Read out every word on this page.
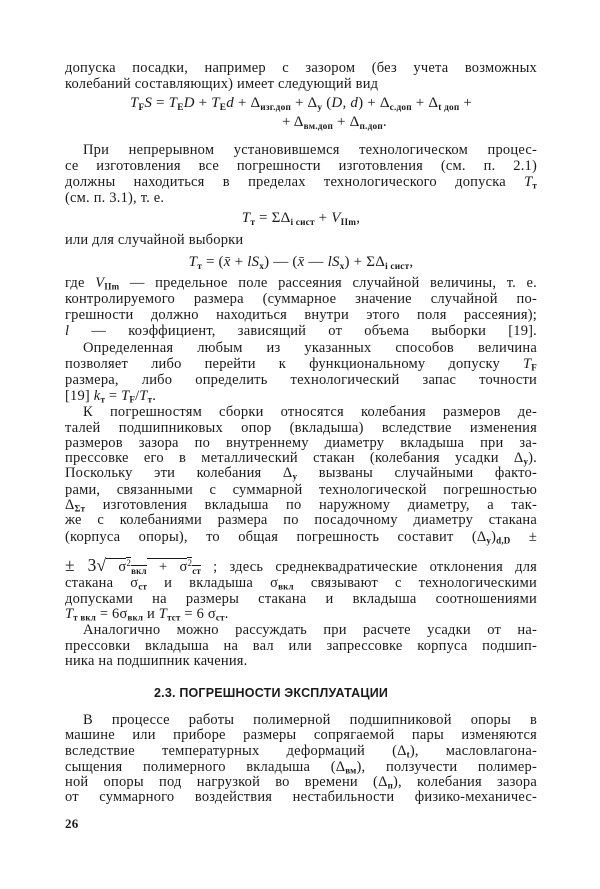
допуска посадки, например с зазором (без учета возможных
колебаний составляющих) имеет следующий вид
TFS = TED + TEd + Δизг.доп + Δу (D, d) + Δс.доп + Δt доп +
+ Δвм.доп + Δп.доп.
При непрерывном установившемся технологическом процес-
се изготовления все погрешности изготовления (см. п. 2.1)
должны находиться в пределах технологического допуска Tт
(см. п. 3.1), т. е.
Tт = ΣΔi сист + VIIm,
или для случайной выборки
Tт = (x̄ + lSx) — (x̄ — lSx) + ΣΔi сист,
где VIIm — предельное поле рассеяния случайной величины, т. е.
контролируемого размера (суммарное значение случайной по-
грешности должно находиться внутри этого поля рассеяния);
l — коэффициент, зависящий от объема выборки [19].
Определенная любым из указанных способов величина
позволяет либо перейти к функциональному допуску TF
размера, либо определить технологический запас точности
[19] kт = TF/Tт.
К погрешностям сборки относятся колебания размеров де-
талей подшипниковых опор (вкладыша) вследствие изменения
размеров зазора по внутреннему диаметру вкладыша при за-
прессовке его в металлический стакан (колебания усадки Δу).
Поскольку эти колебания Δу вызваны случайными факто-
рами, связанными с суммарной технологической погрешностью
ΔΣт изготовления вкладыша по наружному диаметру, а так-
же с колебаниями размера по посадочному диаметру стакана
(корпуса опоры), то общая погрешность составит (Δу)d,D ±
± 3√ $\sigma^2вкл + \sigma^2ст$ ; здесь среднеквадратические отклонения для
стакана σст и вкладыша σвкл связывают с технологическими
допусками на размеры стакана и вкладыша соотношениями
Tт вкл = 6σвкл и Tтст = 6 σст.
Аналогично можно рассуждать при расчете усадки от на-
прессовки вкладыша на вал или запрессовке корпуса подшип-
ника на подшипник качения.
2.3. ПОГРЕШНОСТИ ЭКСПЛУАТАЦИИ
В процессе работы полимерной подшипниковой опоры в
машине или приборе размеры сопрягаемой пары изменяются
вследствие температурных деформаций (Δt), масловлагона-
сыщения полимерного вкладыша (Δвм), ползучести полимер-
ной опоры под нагрузкой во времени (Δп), колебания зазора
от суммарного воздействия нестабильности физико-механичес-
26
